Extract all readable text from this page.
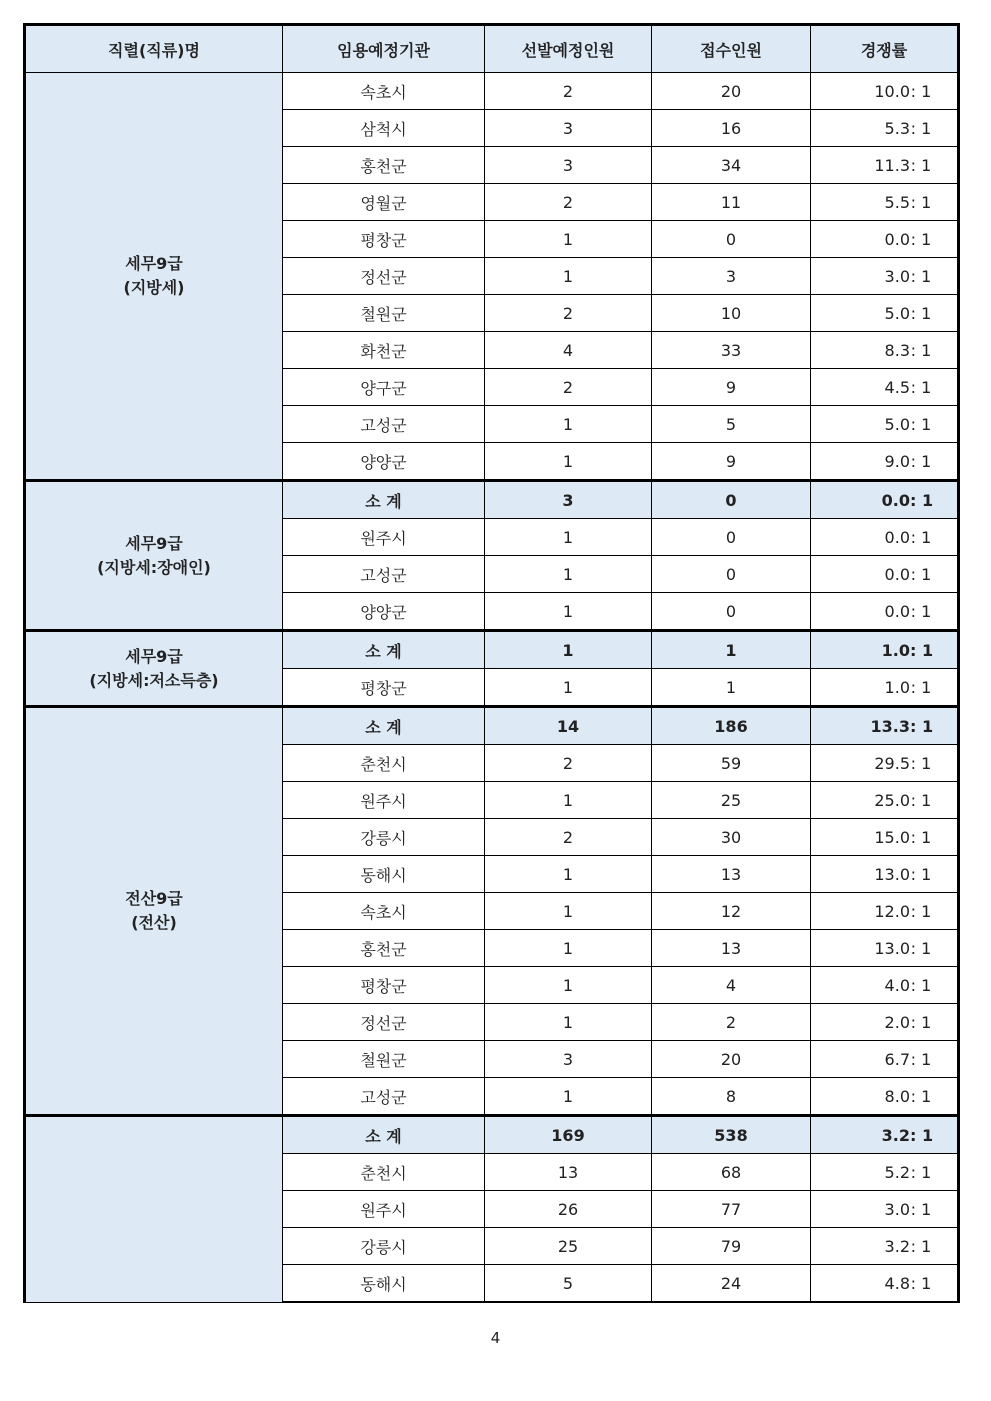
직렬(직류)명	임용예정기관	선발예정인원	접수인원	경쟁률

세무9급
(지방세)	속초시	2	20	10.0: 1
	삼척시	3	16	5.3: 1
	홍천군	3	34	11.3: 1
	영월군	2	11	5.5: 1
	평창군	1	0	0.0: 1
	정선군	1	3	3.0: 1
	철원군	2	10	5.0: 1
	화천군	4	33	8.3: 1
	양구군	2	9	4.5: 1
	고성군	1	5	5.0: 1
	양양군	1	9	9.0: 1

세무9급
(지방세:장애인)	소 계	3	0	0.0: 1
	원주시	1	0	0.0: 1
	고성군	1	0	0.0: 1
	양양군	1	0	0.0: 1

세무9급
(지방세:저소득층)	소 계	1	1	1.0: 1
	평창군	1	1	1.0: 1

전산9급
(전산)	소 계	14	186	13.3: 1
	춘천시	2	59	29.5: 1
	원주시	1	25	25.0: 1
	강릉시	2	30	15.0: 1
	동해시	1	13	13.0: 1
	속초시	1	12	12.0: 1
	홍천군	1	13	13.0: 1
	평창군	1	4	4.0: 1
	정선군	1	2	2.0: 1
	철원군	3	20	6.7: 1
	고성군	1	8	8.0: 1

	소 계	169	538	3.2: 1
	춘천시	13	68	5.2: 1
	원주시	26	77	3.0: 1
	강릉시	25	79	3.2: 1
	동해시	5	24	4.8: 1
4
